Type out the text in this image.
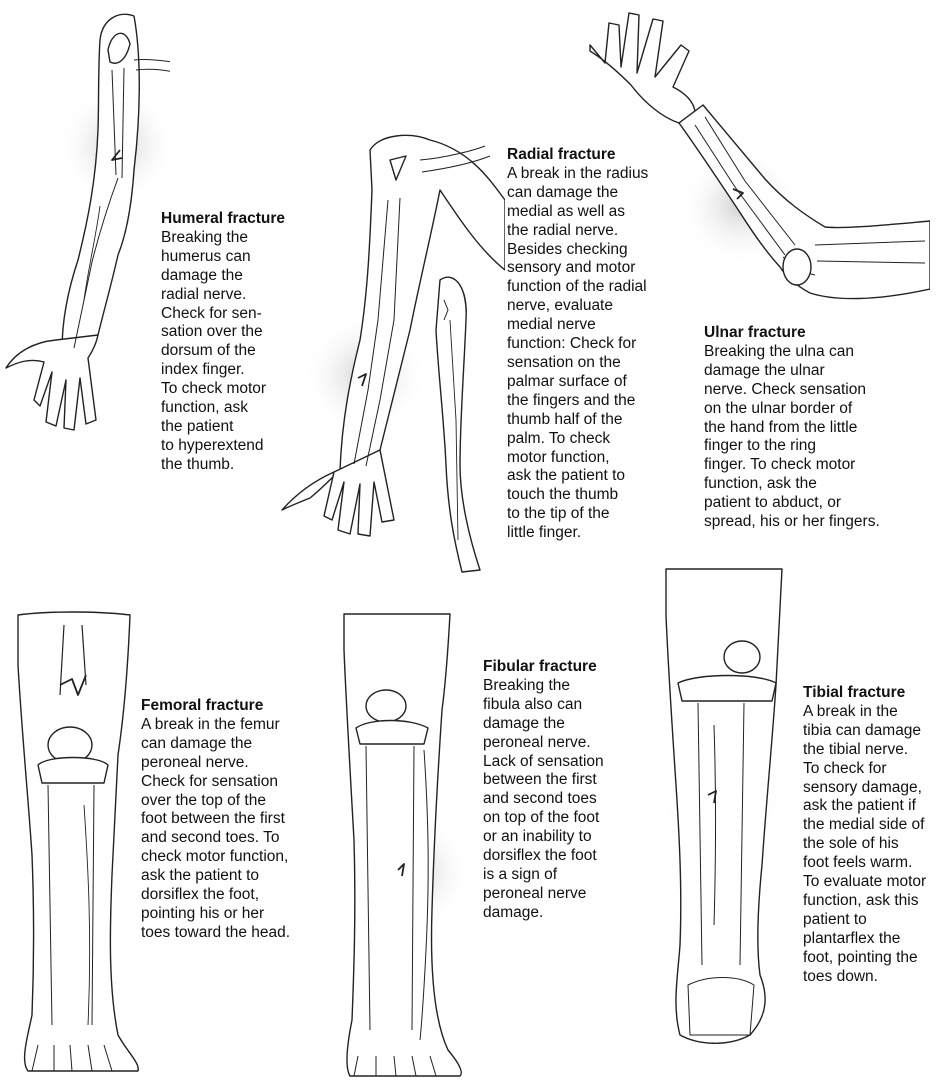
Humeral fracture
Breaking the
humerus can
damage the
radial nerve.
Check for sen-
sation over the
dorsum of the
index finger.
To check motor
function, ask
the patient
to hyperextend
the thumb.
Radial fracture
A break in the radius
can damage the
medial as well as
the radial nerve.
Besides checking
sensory and motor
function of the radial
nerve, evaluate
medial nerve
function: Check for
sensation on the
palmar surface of
the fingers and the
thumb half of the
palm. To check
motor function,
ask the patient to
touch the thumb
to the tip of the
little finger.
Ulnar fracture
Breaking the ulna can
damage the ulnar
nerve. Check sensation
on the ulnar border of
the hand from the little
finger to the ring
finger. To check motor
function, ask the
patient to abduct, or
spread, his or her fingers.
Femoral fracture
A break in the femur
can damage the
peroneal nerve.
Check for sensation
over the top of the
foot between the first
and second toes. To
check motor function,
ask the patient to
dorsiflex the foot,
pointing his or her
toes toward the head.
Fibular fracture
Breaking the
fibula also can
damage the
peroneal nerve.
Lack of sensation
between the first
and second toes
on top of the foot
or an inability to
dorsiflex the foot
is a sign of
peroneal nerve
damage.
Tibial fracture
A break in the
tibia can damage
the tibial nerve.
To check for
sensory damage,
ask the patient if
the medial side of
the sole of his
foot feels warm.
To evaluate motor
function, ask this
patient to
plantarflex the
foot, pointing the
toes down.
